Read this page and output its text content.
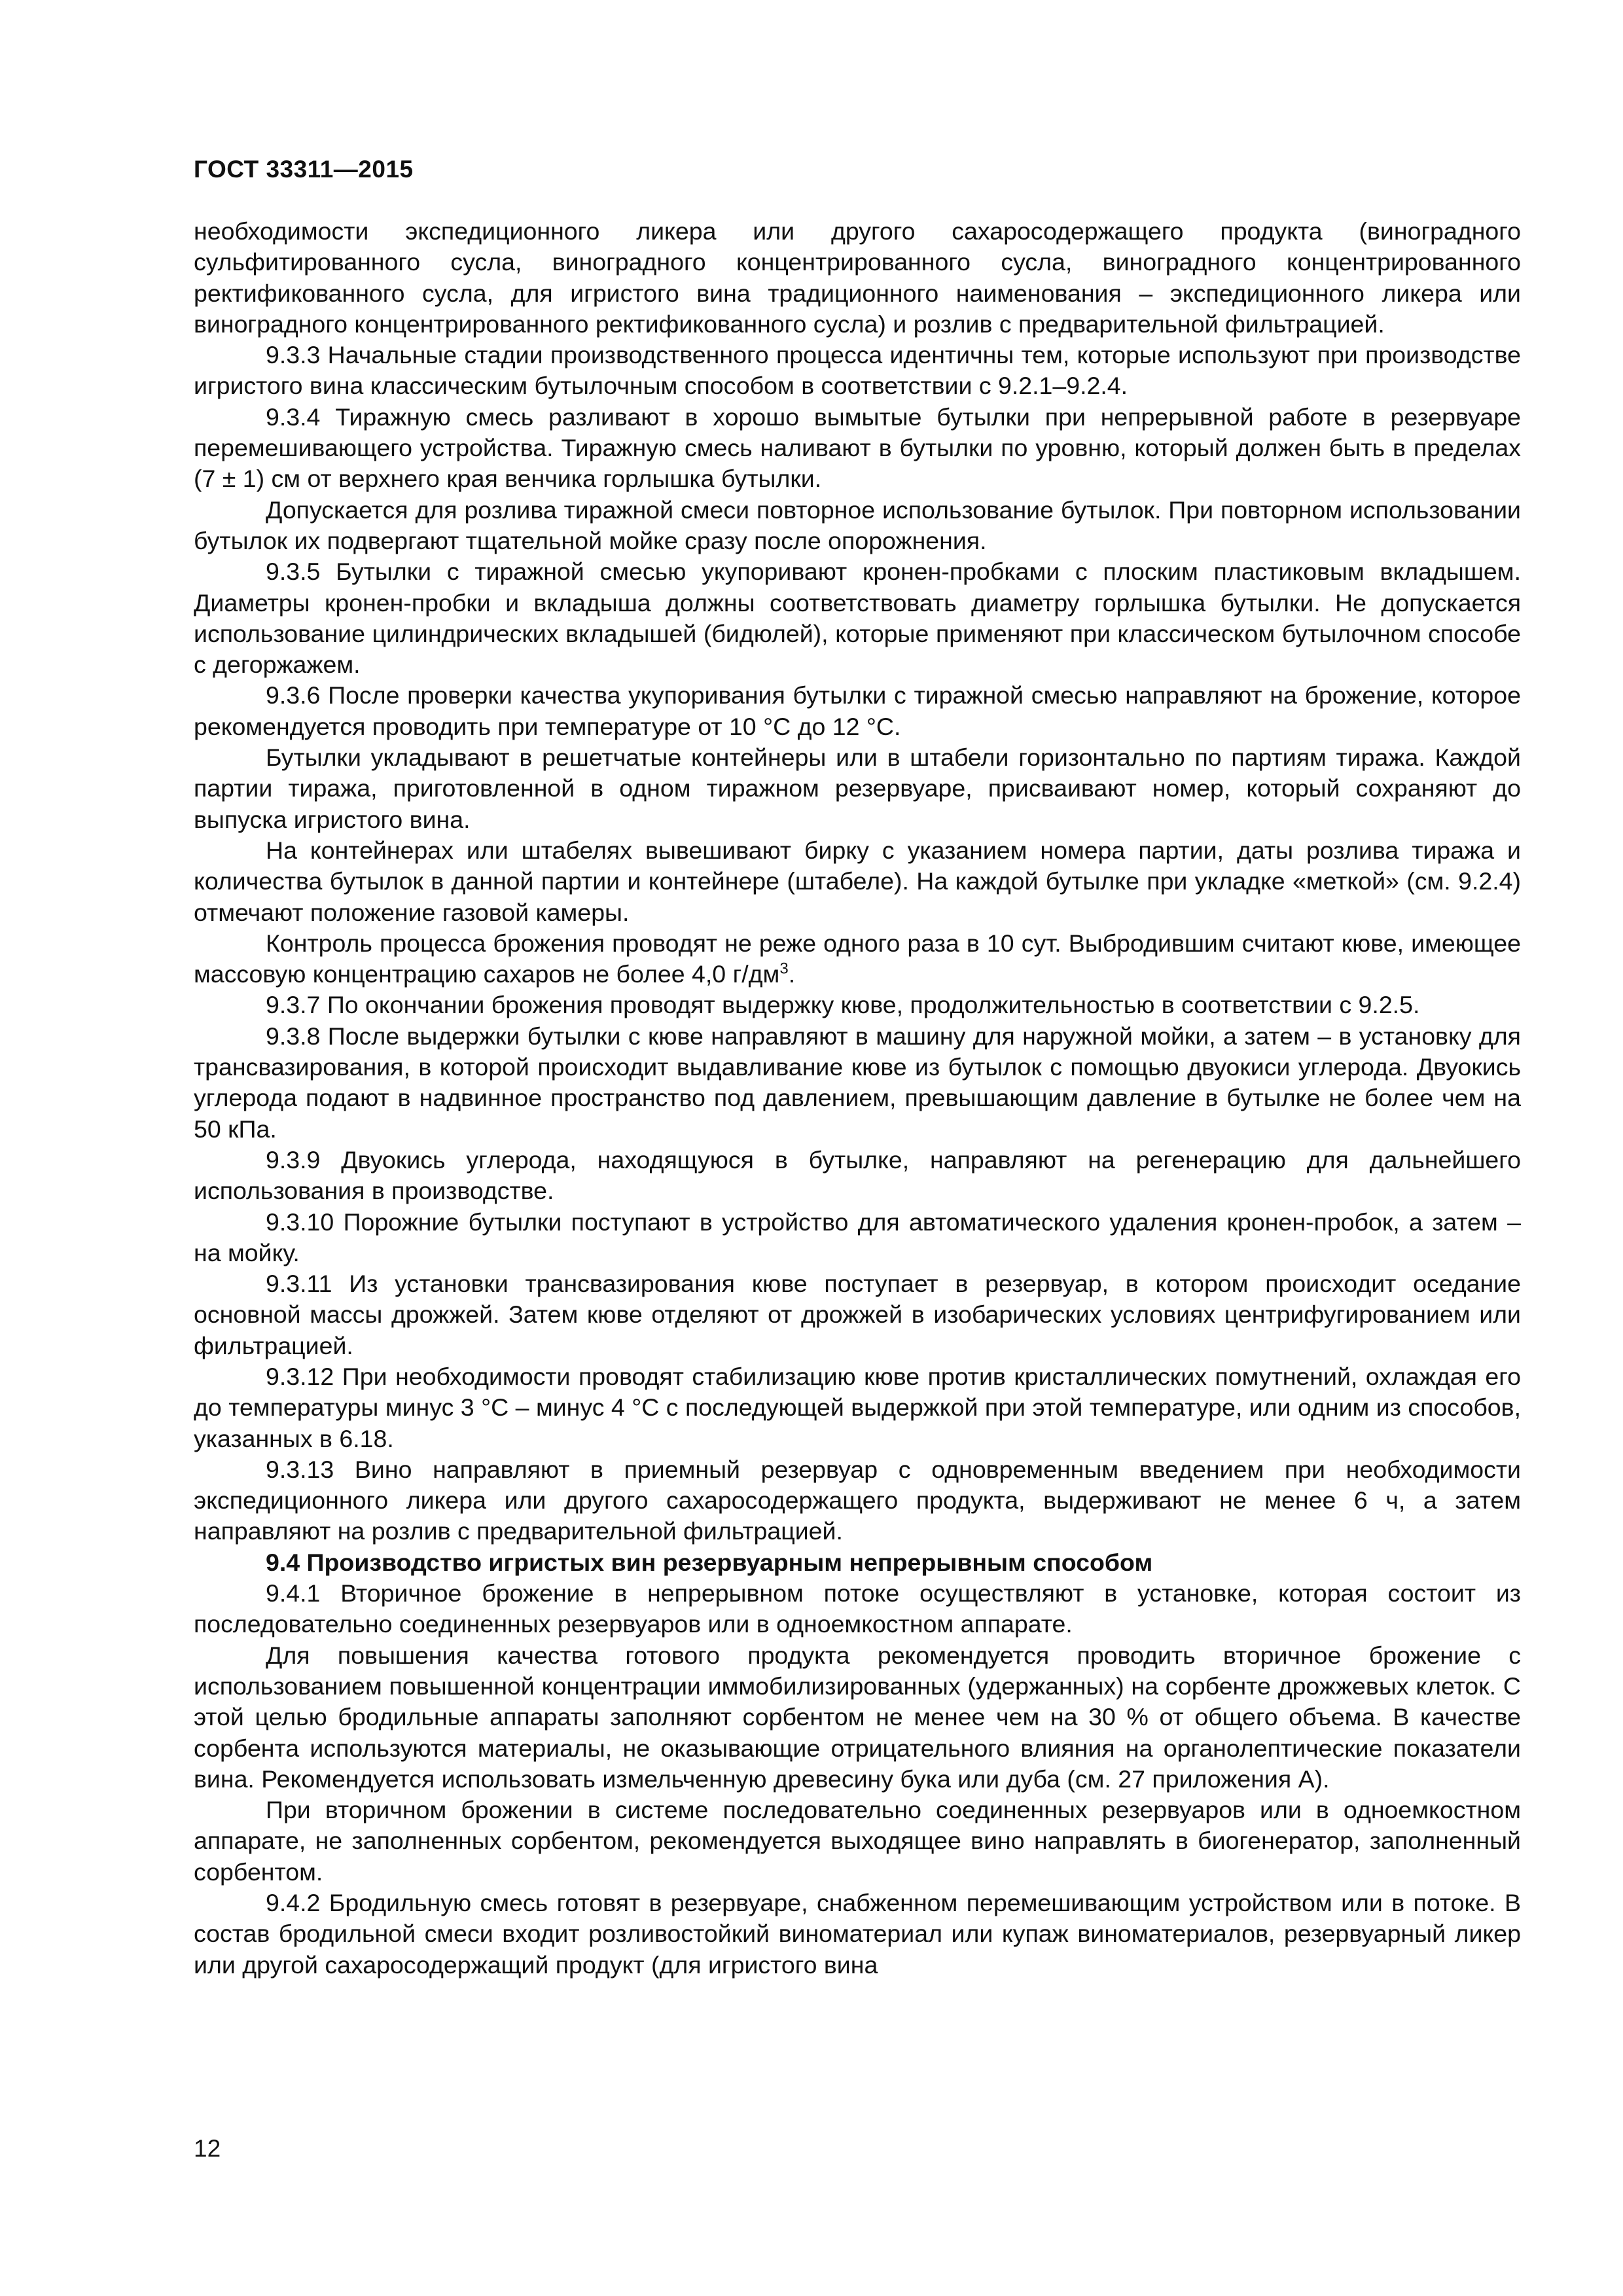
ГОСТ 33311—2015

необходимости экспедиционного ликера или другого сахаросодержащего продукта (виноградного сульфитированного сусла, виноградного концентрированного сусла, виноградного концентрированного ректификованного сусла, для игристого вина традиционного наименования – экспедиционного ликера или виноградного концентрированного ректификованного сусла) и розлив с предварительной фильтрацией.

9.3.3 Начальные стадии производственного процесса идентичны тем, которые используют при производстве игристого вина классическим бутылочным способом в соответствии с 9.2.1–9.2.4.

9.3.4 Тиражную смесь разливают в хорошо вымытые бутылки при непрерывной работе в резервуаре перемешивающего устройства. Тиражную смесь наливают в бутылки по уровню, который должен быть в пределах (7 ± 1) см от верхнего края венчика горлышка бутылки.

Допускается для розлива тиражной смеси повторное использование бутылок. При повторном использовании бутылок их подвергают тщательной мойке сразу после опорожнения.

9.3.5 Бутылки с тиражной смесью укупоривают кронен-пробками с плоским пластиковым вкладышем. Диаметры кронен-пробки и вкладыша должны соответствовать диаметру горлышка бутылки. Не допускается использование цилиндрических вкладышей (бидюлей), которые применяют при классическом бутылочном способе с дегоржажем.

9.3.6 После проверки качества укупоривания бутылки с тиражной смесью направляют на брожение, которое рекомендуется проводить при температуре от 10 °С до 12 °С.

Бутылки укладывают в решетчатые контейнеры или в штабели горизонтально по партиям тиража. Каждой партии тиража, приготовленной в одном тиражном резервуаре, присваивают номер, который сохраняют до выпуска игристого вина.

На контейнерах или штабелях вывешивают бирку с указанием номера партии, даты розлива тиража и количества бутылок в данной партии и контейнере (штабеле). На каждой бутылке при укладке «меткой» (см. 9.2.4) отмечают положение газовой камеры.

Контроль процесса брожения проводят не реже одного раза в 10 сут. Выбродившим считают кюве, имеющее массовую концентрацию сахаров не более 4,0 $г/дм^3$.

9.3.7 По окончании брожения проводят выдержку кюве, продолжительностью в соответствии с 9.2.5.

9.3.8 После выдержки бутылки с кюве направляют в машину для наружной мойки, а затем – в установку для трансвазирования, в которой происходит выдавливание кюве из бутылок с помощью двуокиси углерода. Двуокись углерода подают в надвинное пространство под давлением, превышающим давление в бутылке не более чем на 50 кПа.

9.3.9 Двуокись углерода, находящуюся в бутылке, направляют на регенерацию для дальнейшего использования в производстве.

9.3.10 Порожние бутылки поступают в устройство для автоматического удаления кронен-пробок, а затем – на мойку.

9.3.11 Из установки трансвазирования кюве поступает в резервуар, в котором происходит оседание основной массы дрожжей. Затем кюве отделяют от дрожжей в изобарических условиях центрифугированием или фильтрацией.

9.3.12 При необходимости проводят стабилизацию кюве против кристаллических помутнений, охлаждая его до температуры минус 3 °С – минус 4 °С с последующей выдержкой при этой температуре, или одним из способов, указанных в 6.18.

9.3.13 Вино направляют в приемный резервуар с одновременным введением при необходимости экспедиционного ликера или другого сахаросодержащего продукта, выдерживают не менее 6 ч, а затем направляют на розлив с предварительной фильтрацией.

9.4 Производство игристых вин резервуарным непрерывным способом

9.4.1 Вторичное брожение в непрерывном потоке осуществляют в установке, которая состоит из последовательно соединенных резервуаров или в одноемкостном аппарате.

Для повышения качества готового продукта рекомендуется проводить вторичное брожение с использованием повышенной концентрации иммобилизированных (удержанных) на сорбенте дрожжевых клеток. С этой целью бродильные аппараты заполняют сорбентом не менее чем на 30 % от общего объема. В качестве сорбента используются материалы, не оказывающие отрицательного влияния на органолептические показатели вина. Рекомендуется использовать измельченную древесину бука или дуба (см. 27 приложения А).

При вторичном брожении в системе последовательно соединенных резервуаров или в одноемкостном аппарате, не заполненных сорбентом, рекомендуется выходящее вино направлять в биогенератор, заполненный сорбентом.

9.4.2 Бродильную смесь готовят в резервуаре, снабженном перемешивающим устройством или в потоке. В состав бродильной смеси входит розливостойкий виноматериал или купаж виноматериалов, резервуарный ликер или другой сахаросодержащий продукт (для игристого вина

12
